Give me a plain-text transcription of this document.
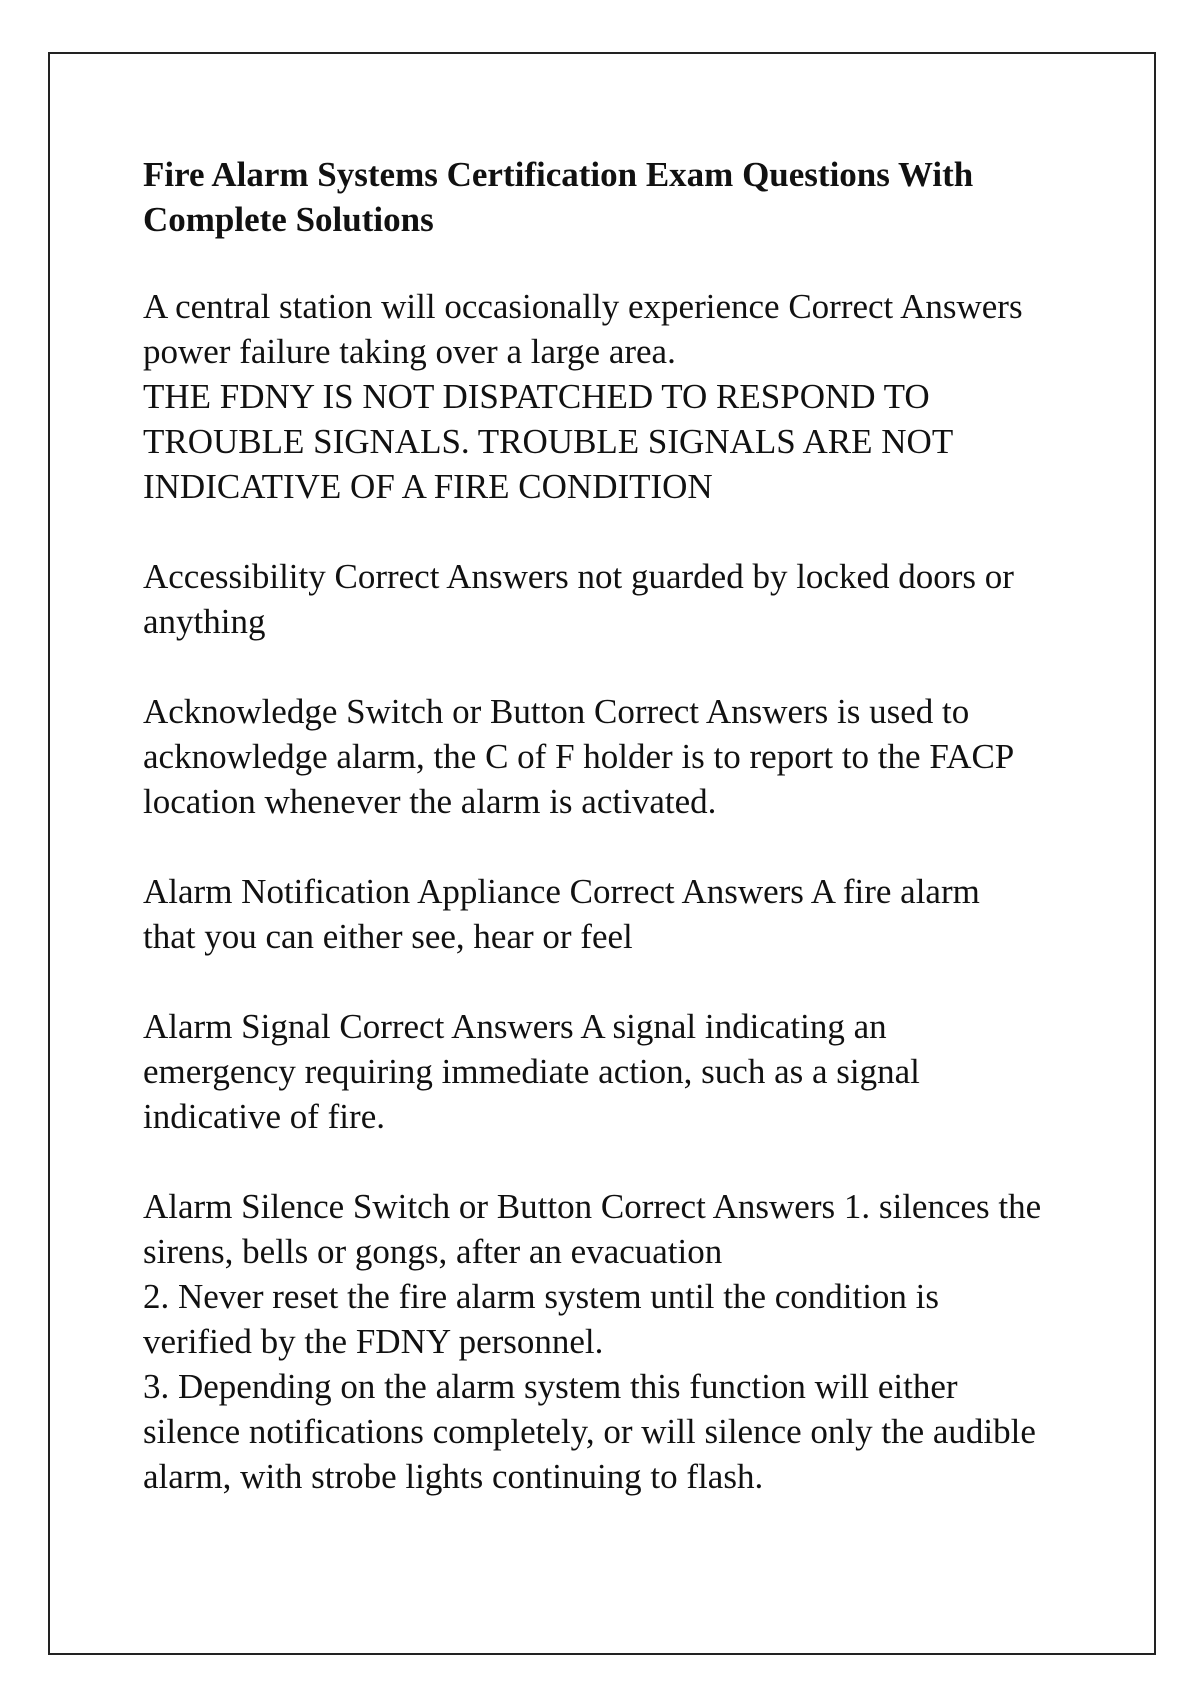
Fire Alarm Systems Certification Exam Questions With
Complete Solutions
A central station will occasionally experience Correct Answers
power failure taking over a large area.
THE FDNY IS NOT DISPATCHED TO RESPOND TO
TROUBLE SIGNALS. TROUBLE SIGNALS ARE NOT
INDICATIVE OF A FIRE CONDITION
Accessibility Correct Answers not guarded by locked doors or
anything
Acknowledge Switch or Button Correct Answers is used to
acknowledge alarm, the C of F holder is to report to the FACP
location whenever the alarm is activated.
Alarm Notification Appliance Correct Answers A fire alarm
that you can either see, hear or feel
Alarm Signal Correct Answers A signal indicating an
emergency requiring immediate action, such as a signal
indicative of fire.
Alarm Silence Switch or Button Correct Answers 1. silences the
sirens, bells or gongs, after an evacuation
2. Never reset the fire alarm system until the condition is
verified by the FDNY personnel.
3. Depending on the alarm system this function will either
silence notifications completely, or will silence only the audible
alarm, with strobe lights continuing to flash.
